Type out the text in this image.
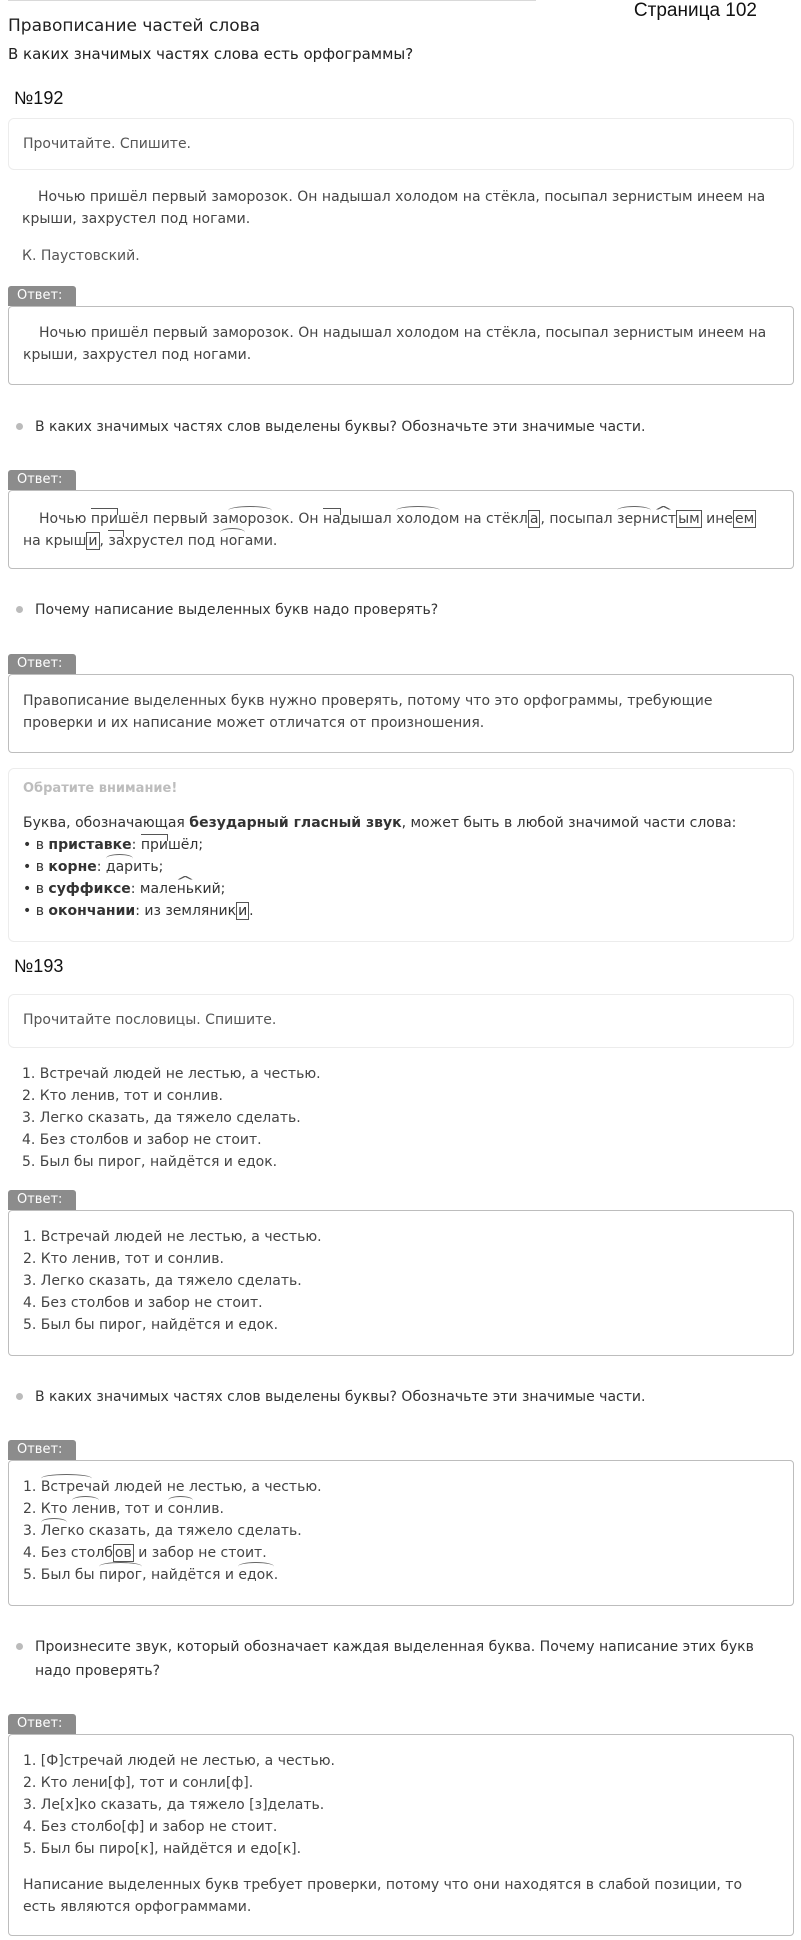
Страница 102
Правописание частей слова
В каких значимых частях слова есть орфограммы?
№192
Прочитайте. Спишите.
Ночью пришёл первый заморозок. Он надышал холодом на стёкла, посыпал зернистым инеем на крыши, захрустел под ногами.
К. Паустовский.
Ответ:
Ночью пришёл первый заморозок. Он надышал холодом на стёкла, посыпал зернистым инеем на крыши, захрустел под ногами.
В каких значимых частях слов выделены буквы? Обозначьте эти значимые части.
Ответ:
Ночью пришёл первый заморозок. Он надышал холодом на стёкл а , посыпал зерн^ ист ым ине ем
на крыш и , захрустел под ногами.
Почему написание выделенных букв надо проверять?
Ответ:
Правописание выделенных букв нужно проверять, потому что это орфограммы, требующие проверки и их написание может отличатся от произношения.
Обратите внимание!

Буква, обозначающая безударный гласный звук, может быть в любой значимой части слова:

• в приставке: пришёл;

• в корне: дарить;

• в суффиксе: мал^ енький;

• в окончании: из земляник и .

№193
Прочитайте пословицы. Спишите.
1. Встречай людей не лестью, а честью.
2. Кто ленив, тот и сонлив.
3. Легко сказать, да тяжело сделать.
4. Без столбов и забор не стоит.
5. Был бы пирог, найдётся и едок.
Ответ:
1. Встречай людей не лестью, а честью.
2. Кто ленив, тот и сонлив.
3. Легко сказать, да тяжело сделать.
4. Без столбов и забор не стоит.
5. Был бы пирог, найдётся и едок.
В каких значимых частях слов выделены буквы? Обозначьте эти значимые части.
Ответ:
1. Встречай людей не лестью, а честью.
2. Кто ленив, тот и сонлив.
3. Легко сказать, да тяжело сделать.
4. Без столб ов и забор не стоит.
5. Был бы пирог, найдётся и едок.
Произнесите звук, который обозначает каждая выделенная буква. Почему написание этих букв
надо проверять?
Ответ:
1. [Ф]стречай людей не лестью, а честью.
2. Кто лени[ф], тот и сонли[ф].
3. Ле[х]ко сказать, да тяжело [з]делать.
4. Без столбо[ф] и забор не стоит.
5. Был бы пиро[к], найдётся и едо[к].
Написание выделенных букв требует проверки, потому что они находятся в слабой позиции, то есть являются орфограммами.
